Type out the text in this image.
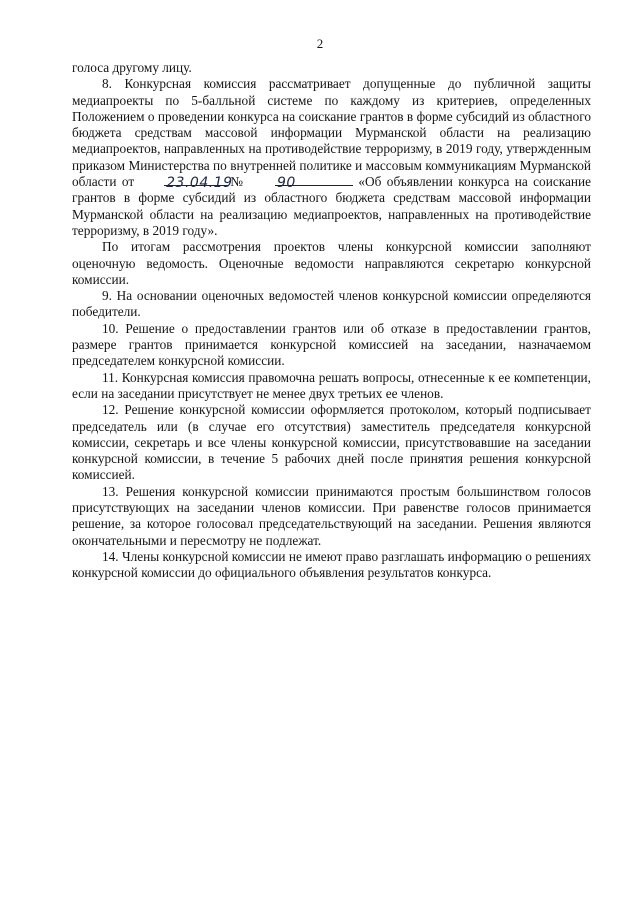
2

голоса другому лицу.

8. Конкурсная комиссия рассматривает допущенные до публичной защиты медиапроекты по 5-балльной системе по каждому из критериев, определенных Положением о проведении конкурса на соискание грантов в форме субсидий из областного бюджета средствам массовой информации Мурманской области на реализацию медиапроектов, направленных на противодействие терроризму, в 2019 году, утвержденным приказом Министерства по внутренней политике и массовым коммуникациям Мурманской области от	23.04.19
№	90	«Об объявлении конкурса на соискание грантов в форме субсидий из областного бюджета средствам массовой информации Мурманской области на реализацию медиапроектов, направленных на противодействие терроризму, в 2019 году».

По итогам рассмотрения проектов члены конкурсной комиссии заполняют оценочную ведомость. Оценочные ведомости направляются секретарю конкурсной комиссии.

9. На основании оценочных ведомостей членов конкурсной комиссии определяются победители.

10. Решение о предоставлении грантов или об отказе в предоставлении грантов, размере грантов принимается конкурсной комиссией на заседании, назначаемом председателем конкурсной комиссии.

11. Конкурсная комиссия правомочна решать вопросы, отнесенные к ее компетенции, если на заседании присутствует не менее двух третьих ее членов.

12. Решение конкурсной комиссии оформляется протоколом, который подписывает председатель или (в случае его отсутствия) заместитель председателя конкурсной комиссии, секретарь и все члены конкурсной комиссии, присутствовавшие на заседании конкурсной комиссии, в течение 5 рабочих дней после принятия решения конкурсной комиссией.

13. Решения конкурсной комиссии принимаются простым большинством голосов присутствующих на заседании членов комиссии. При равенстве голосов принимается решение, за которое голосовал председательствующий на заседании. Решения являются окончательными и пересмотру не подлежат.

14. Члены конкурсной комиссии не имеют право разглашать информацию о решениях конкурсной комиссии до официального объявления результатов конкурса.
